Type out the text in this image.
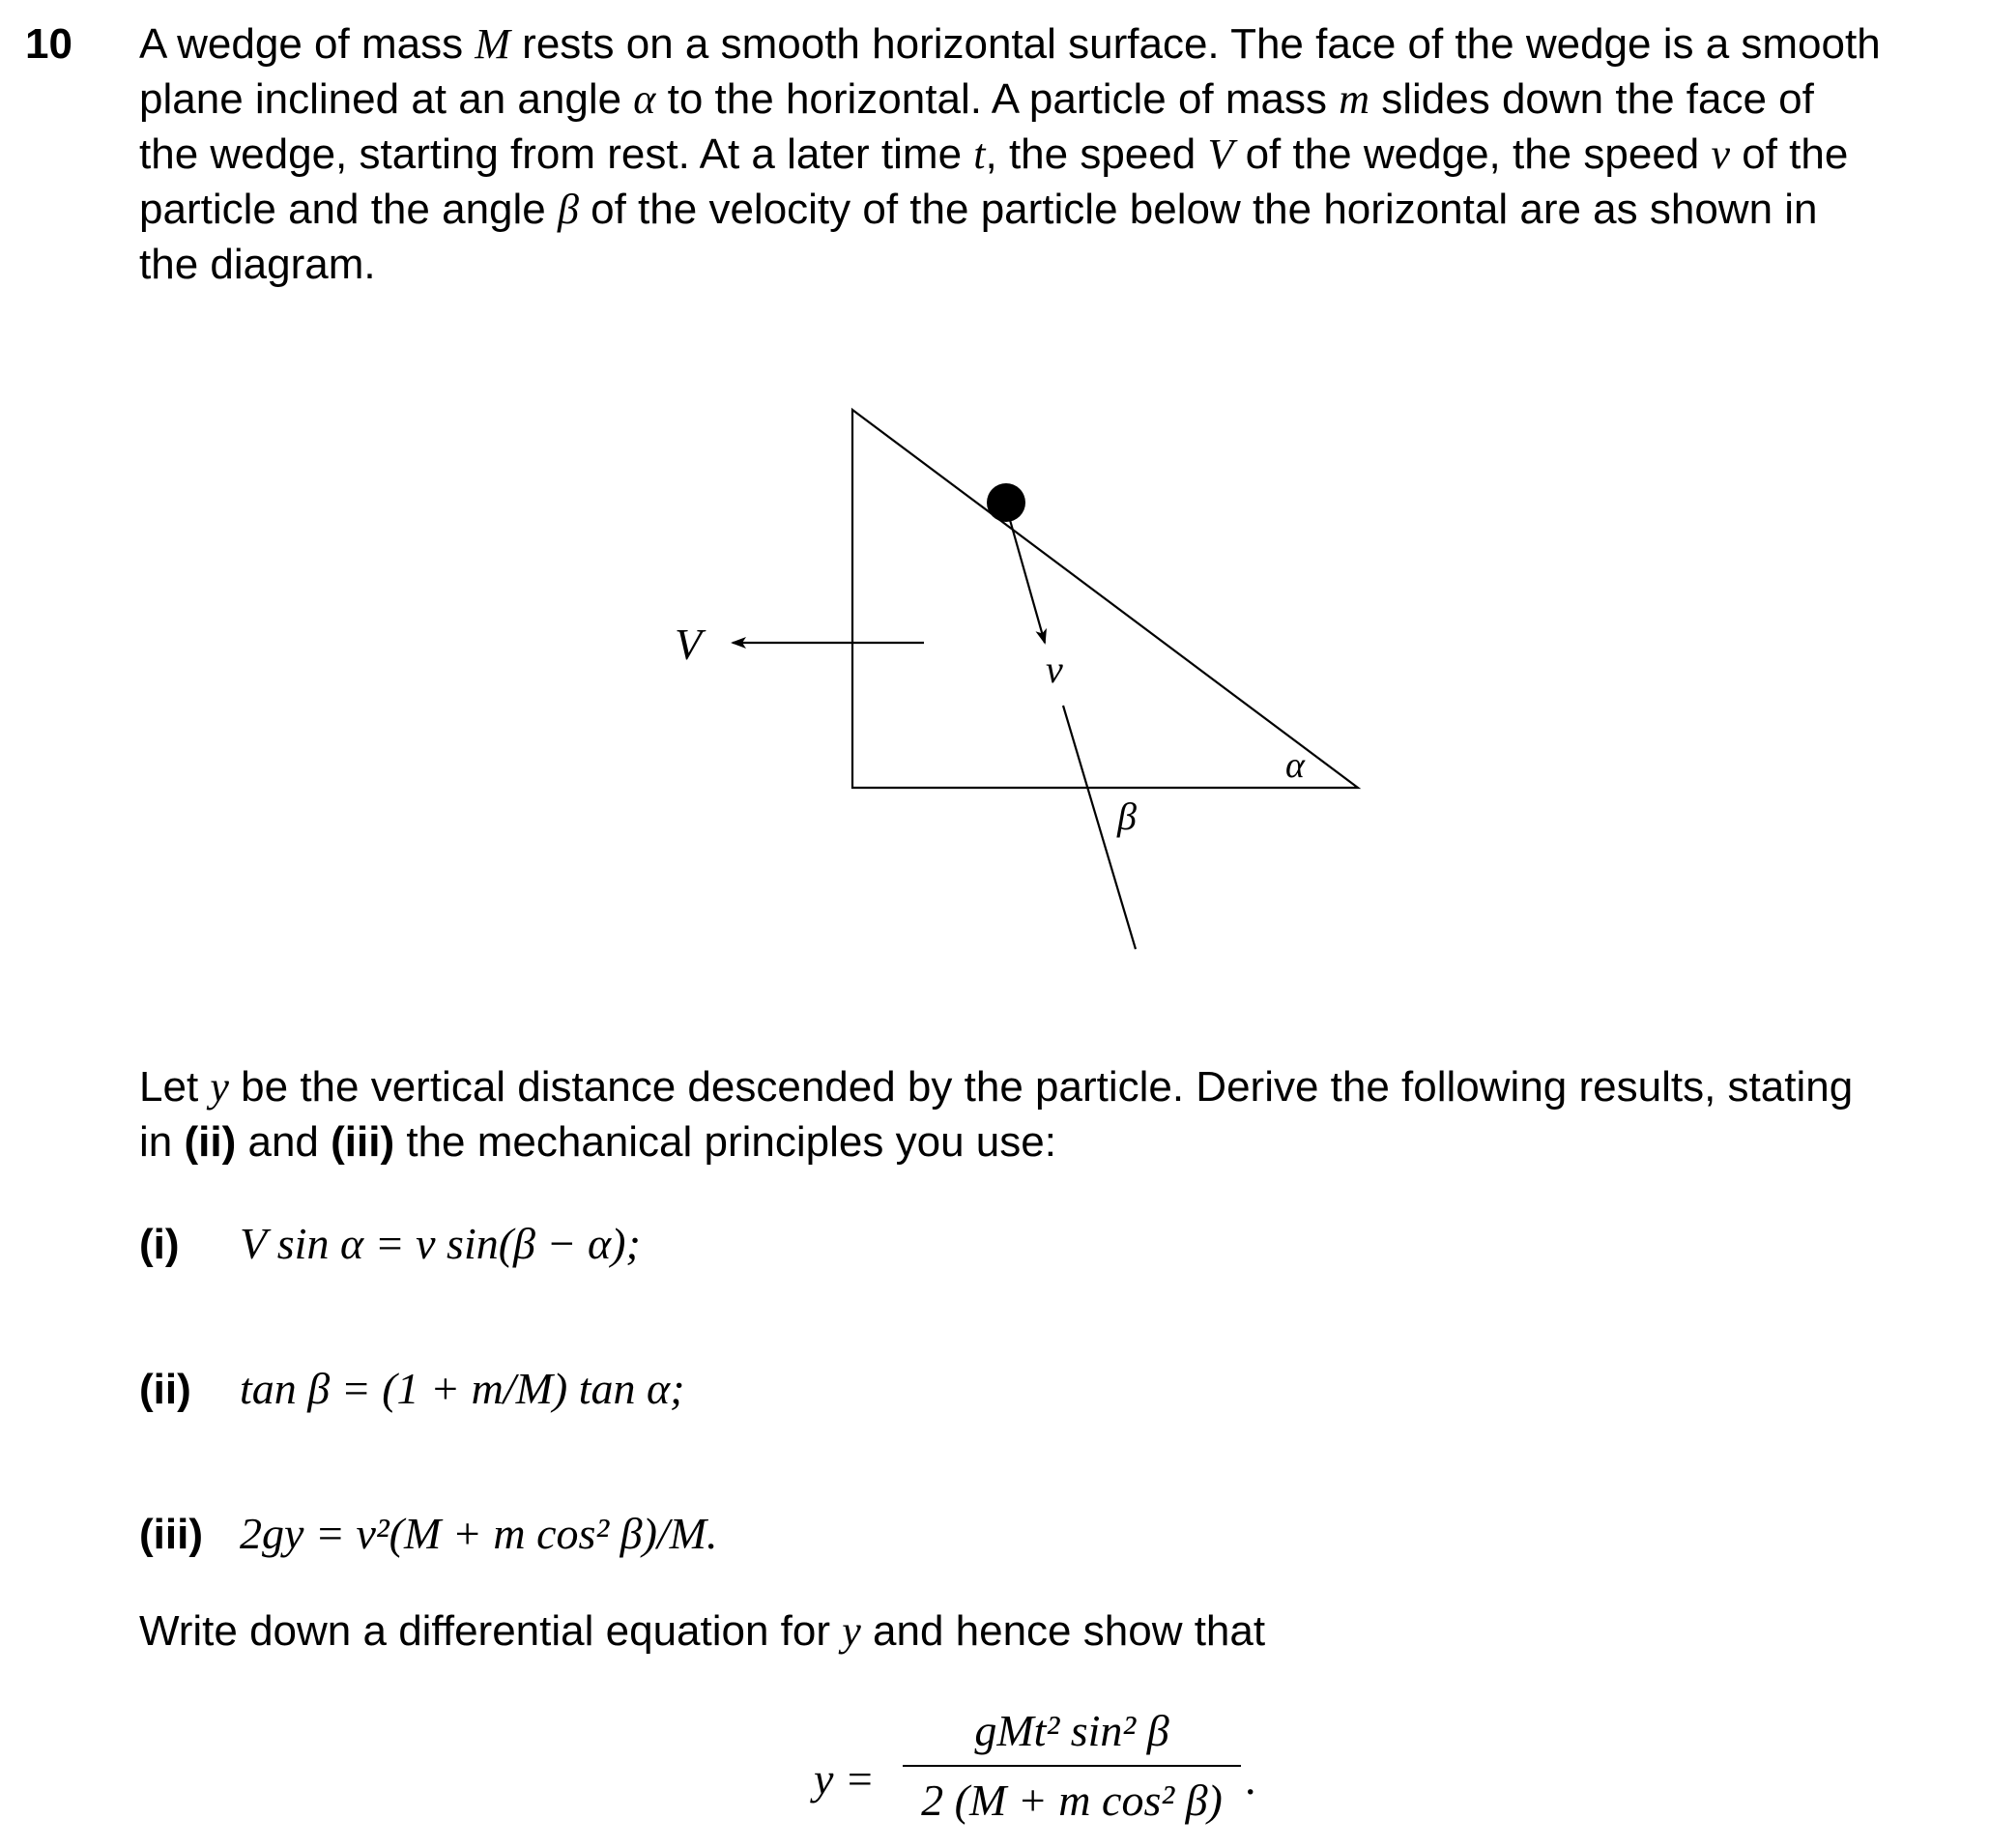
10 A wedge of mass M rests on a smooth horizontal surface. The face of the wedge is a smooth
plane inclined at an angle α to the horizontal. A particle of mass m slides down the face of
the wedge, starting from rest. At a later time t, the speed V of the wedge, the speed v of the
particle and the angle β of the velocity of the particle below the horizontal are as shown in
the diagram.
V
v
α
β
Let y be the vertical distance descended by the particle. Derive the following results, stating
in (ii) and (iii) the mechanical principles you use:
(i) V sin α = v sin(β − α);
(ii) tan β = (1 + m/M) tan α;
(iii) 2gy = v²(M + m cos² β)/M.
Write down a differential equation for y and hence show that
y =
gMt² sin² β
2 (M + m cos² β) .
